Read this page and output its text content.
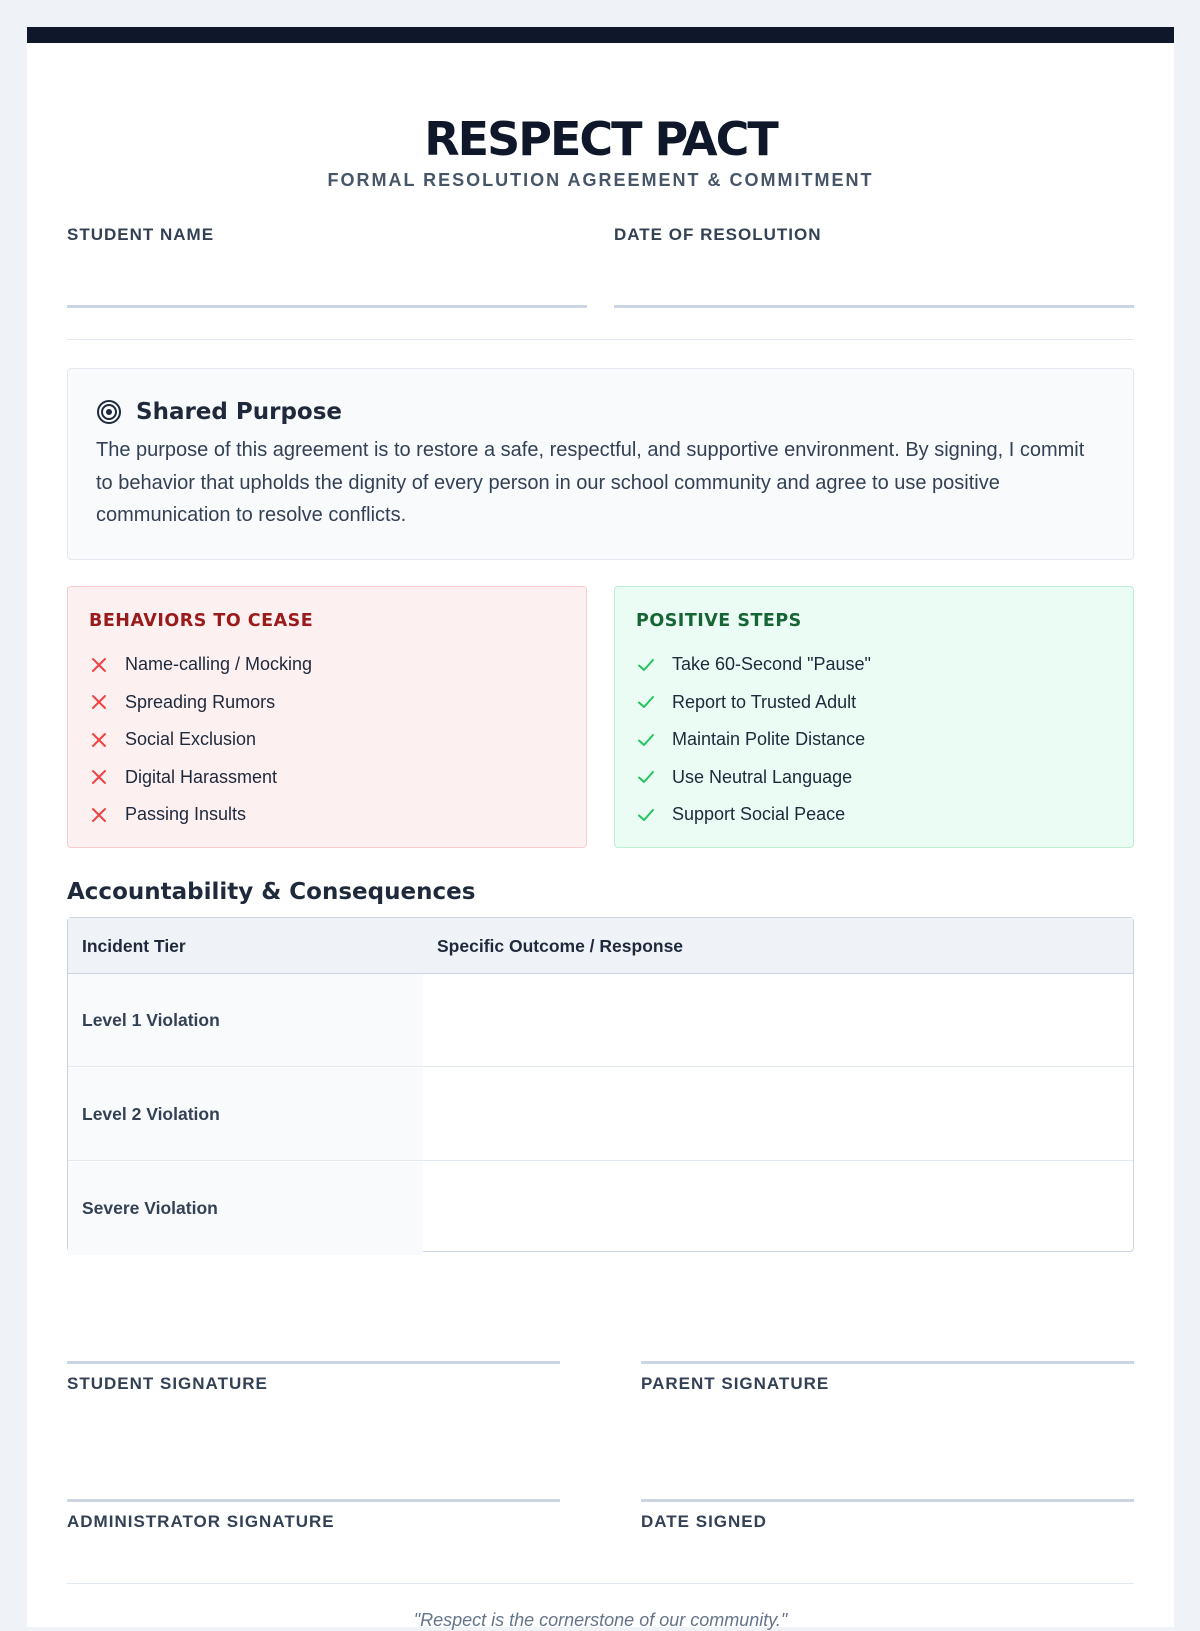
RESPECT PACT
FORMAL RESOLUTION AGREEMENT & COMMITMENT
STUDENT NAME	DATE OF RESOLUTION
Shared Purpose

The purpose of this agreement is to restore a safe, respectful, and supportive environment. By signing, I commit to behavior that upholds the dignity of every person in our school community and agree to use positive communication to resolve conflicts.

BEHAVIORS TO CEASE
Name-calling / Mocking
Spreading Rumors
Social Exclusion
Digital Harassment
Passing Insults
POSITIVE STEPS
Take 60-Second "Pause"
Report to Trusted Adult
Maintain Polite Distance
Use Neutral Language
Support Social Peace
Accountability & Consequences
Incident Tier	Specific Outcome / Response
Level 1 Violation
Level 2 Violation
Severe Violation
STUDENT SIGNATURE	PARENT SIGNATURE
ADMINISTRATOR SIGNATURE	DATE SIGNED
"Respect is the cornerstone of our community."
